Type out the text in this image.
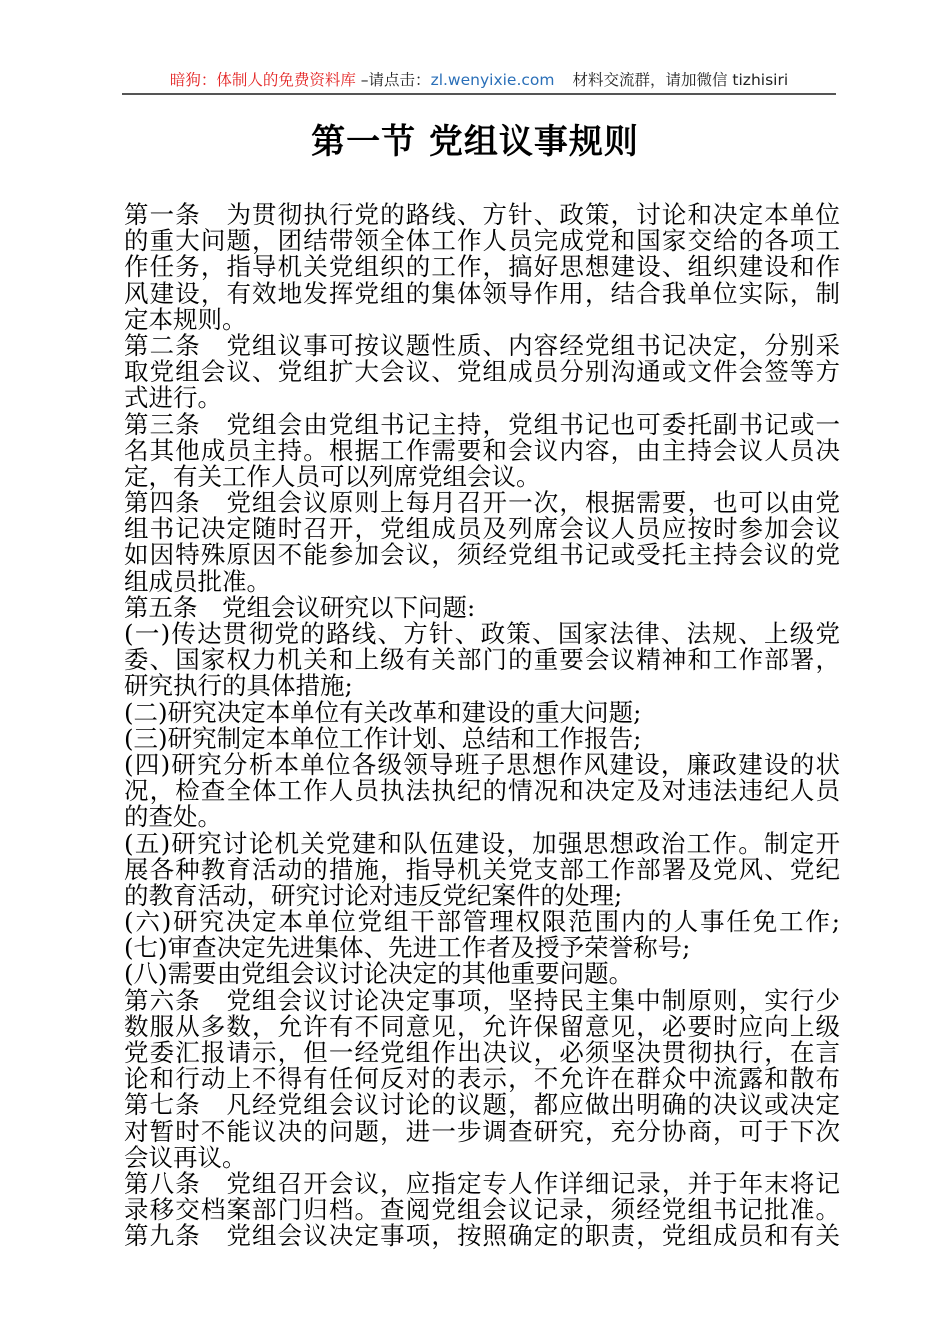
暗狗：体制人的免费资料库 –请点击：zl.wenyixie.com 材料交流群，请加微信 tizhisiri
第一节 党组议事规则
第一条　为贯彻执行党的路线、方针、政策，讨论和决定本单位
的重大问题，团结带领全体工作人员完成党和国家交给的各项工
作任务，指导机关党组织的工作，搞好思想建设、组织建设和作
风建设，有效地发挥党组的集体领导作用，结合我单位实际，制
定本规则。
第二条　党组议事可按议题性质、内容经党组书记决定，分别采
取党组会议、党组扩大会议、党组成员分别沟通或文件会签等方
式进行。
第三条　党组会由党组书记主持，党组书记也可委托副书记或一
名其他成员主持。根据工作需要和会议内容，由主持会议人员决
定，有关工作人员可以列席党组会议。
第四条　党组会议原则上每月召开一次，根据需要，也可以由党
组书记决定随时召开，党组成员及列席会议人员应按时参加会议
如因特殊原因不能参加会议，须经党组书记或受托主持会议的党
组成员批准。
第五条　党组会议研究以下问题:
(一)传达贯彻党的路线、方针、政策、国家法律、法规、上级党
委、国家权力机关和上级有关部门的重要会议精神和工作部署，
研究执行的具体措施;
(二)研究决定本单位有关改革和建设的重大问题;
(三)研究制定本单位工作计划、总结和工作报告;
(四)研究分析本单位各级领导班子思想作风建设，廉政建设的状
况，检查全体工作人员执法执纪的情况和决定及对违法违纪人员
的查处。
(五)研究讨论机关党建和队伍建设，加强思想政治工作。制定开
展各种教育活动的措施，指导机关党支部工作部署及党风、党纪
的教育活动，研究讨论对违反党纪案件的处理;
(六)研究决定本单位党组干部管理权限范围内的人事任免工作;
(七)审查决定先进集体、先进工作者及授予荣誉称号;
(八)需要由党组会议讨论决定的其他重要问题。
第六条　党组会议讨论决定事项，坚持民主集中制原则，实行少
数服从多数，允许有不同意见，允许保留意见，必要时应向上级
党委汇报请示，但一经党组作出决议，必须坚决贯彻执行，在言
论和行动上不得有任何反对的表示，不允许在群众中流露和散布
第七条　凡经党组会议讨论的议题，都应做出明确的决议或决定
对暂时不能议决的问题，进一步调查研究，充分协商，可于下次
会议再议。
第八条　党组召开会议，应指定专人作详细记录，并于年末将记
录移交档案部门归档。查阅党组会议记录，须经党组书记批准。
第九条　党组会议决定事项，按照确定的职责，党组成员和有关
